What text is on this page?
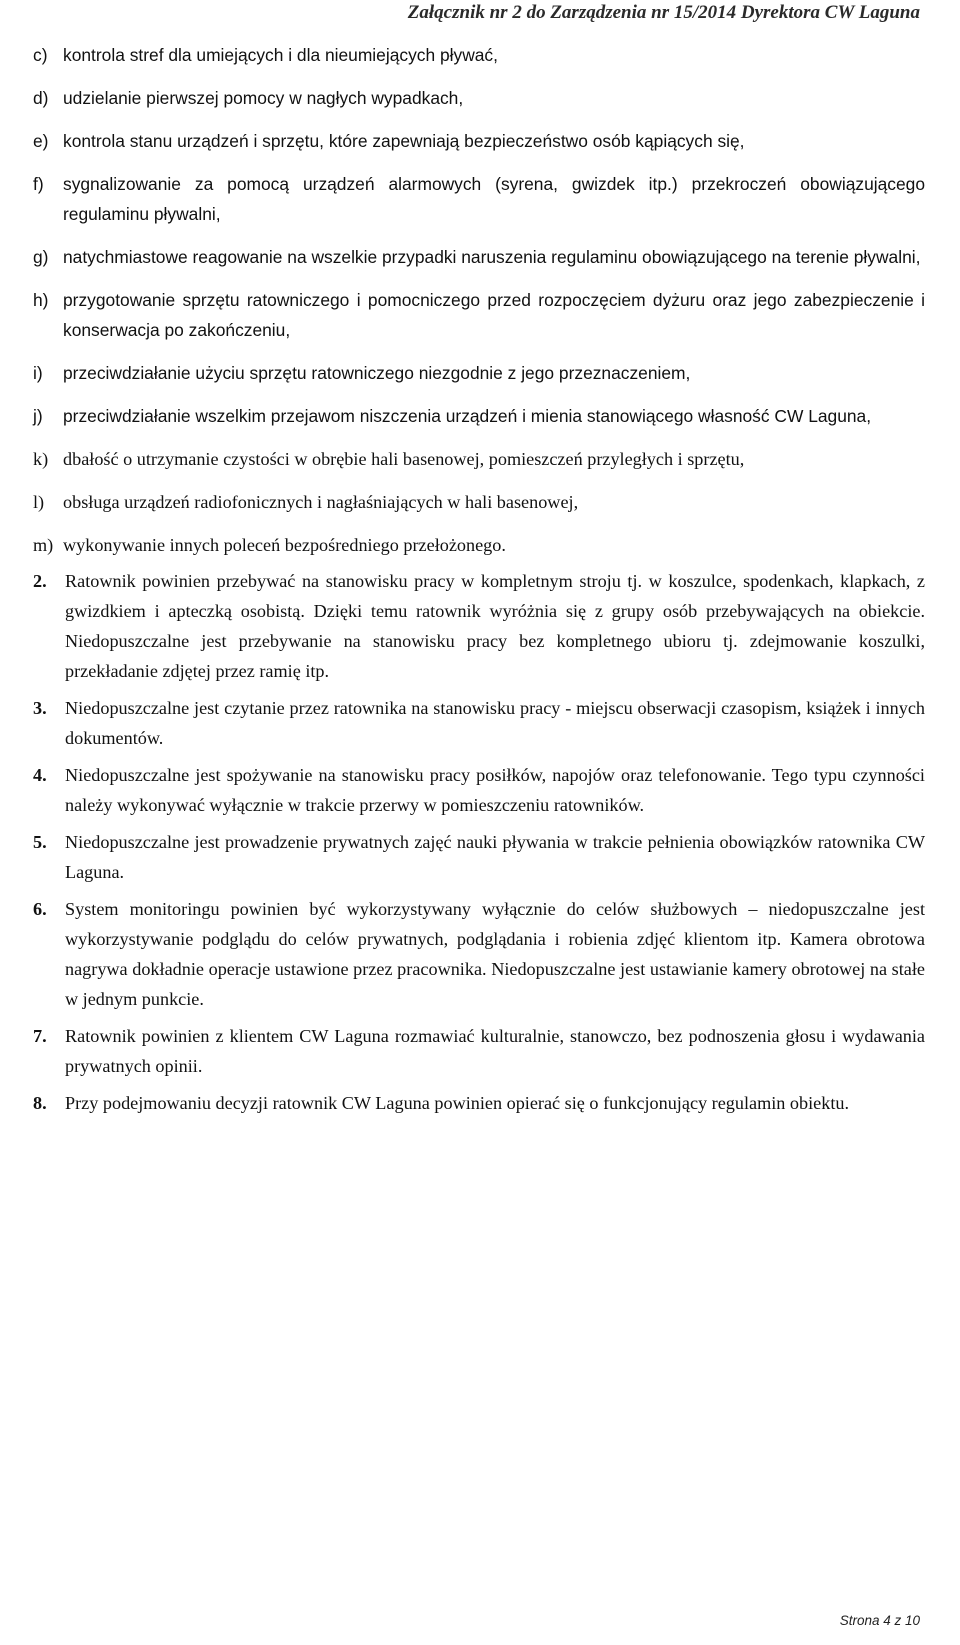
Załącznik nr 2 do Zarządzenia nr 15/2014 Dyrektora CW Laguna
c) kontrola stref dla umiejących i dla nieumiejących pływać,
d) udzielanie pierwszej pomocy w nagłych wypadkach,
e) kontrola stanu urządzeń i sprzętu, które zapewniają bezpieczeństwo osób kąpiących się,
f)	sygnalizowanie za pomocą urządzeń alarmowych (syrena, gwizdek itp.) przekroczeń obowiązującego regulaminu pływalni,
g) natychmiastowe reagowanie na wszelkie przypadki naruszenia regulaminu obowiązującego na terenie pływalni,
h) przygotowanie sprzętu ratowniczego i pomocniczego przed rozpoczęciem dyżuru oraz jego zabezpieczenie i konserwacja po zakończeniu,
i)	przeciwdziałanie użyciu sprzętu ratowniczego niezgodnie z jego przeznaczeniem,
j)	przeciwdziałanie wszelkim przejawom niszczenia urządzeń i mienia stanowiącego własność CW Laguna,
k) dbałość o utrzymanie czystości w obrębie hali basenowej, pomieszczeń przyległych i sprzętu,
l)	obsługa urządzeń radiofonicznych i nagłaśniających w hali basenowej,
m) wykonywanie innych poleceń bezpośredniego przełożonego.
2.	Ratownik powinien przebywać na stanowisku pracy w kompletnym stroju tj. w koszulce, spodenkach, klapkach, z gwizdkiem i apteczką osobistą. Dzięki temu ratownik wyróżnia się z grupy osób przebywających na obiekcie. Niedopuszczalne jest przebywanie na stanowisku pracy bez kompletnego ubioru tj. zdejmowanie koszulki, przekładanie zdjętej przez ramię itp.
3.	Niedopuszczalne jest czytanie przez ratownika na stanowisku pracy - miejscu obserwacji czasopism, książek i innych dokumentów.
4.	Niedopuszczalne jest spożywanie na stanowisku pracy posiłków, napojów oraz telefonowanie. Tego typu czynności należy wykonywać wyłącznie w trakcie przerwy w pomieszczeniu ratowników.
5.	Niedopuszczalne jest prowadzenie prywatnych zajęć nauki pływania w trakcie pełnienia obowiązków ratownika CW Laguna.
6.	System monitoringu powinien być wykorzystywany wyłącznie do celów służbowych – niedopuszczalne jest wykorzystywanie podglądu do celów prywatnych, podglądania i robienia zdjęć klientom itp. Kamera obrotowa nagrywa dokładnie operacje ustawione przez pracownika. Niedopuszczalne jest ustawianie kamery obrotowej na stałe w jednym punkcie.
7.	Ratownik powinien z klientem CW Laguna rozmawiać kulturalnie, stanowczo, bez podnoszenia głosu i wydawania prywatnych opinii.
8.	Przy podejmowaniu decyzji ratownik CW Laguna powinien opierać się o funkcjonujący regulamin obiektu.
Strona 4 z 10
